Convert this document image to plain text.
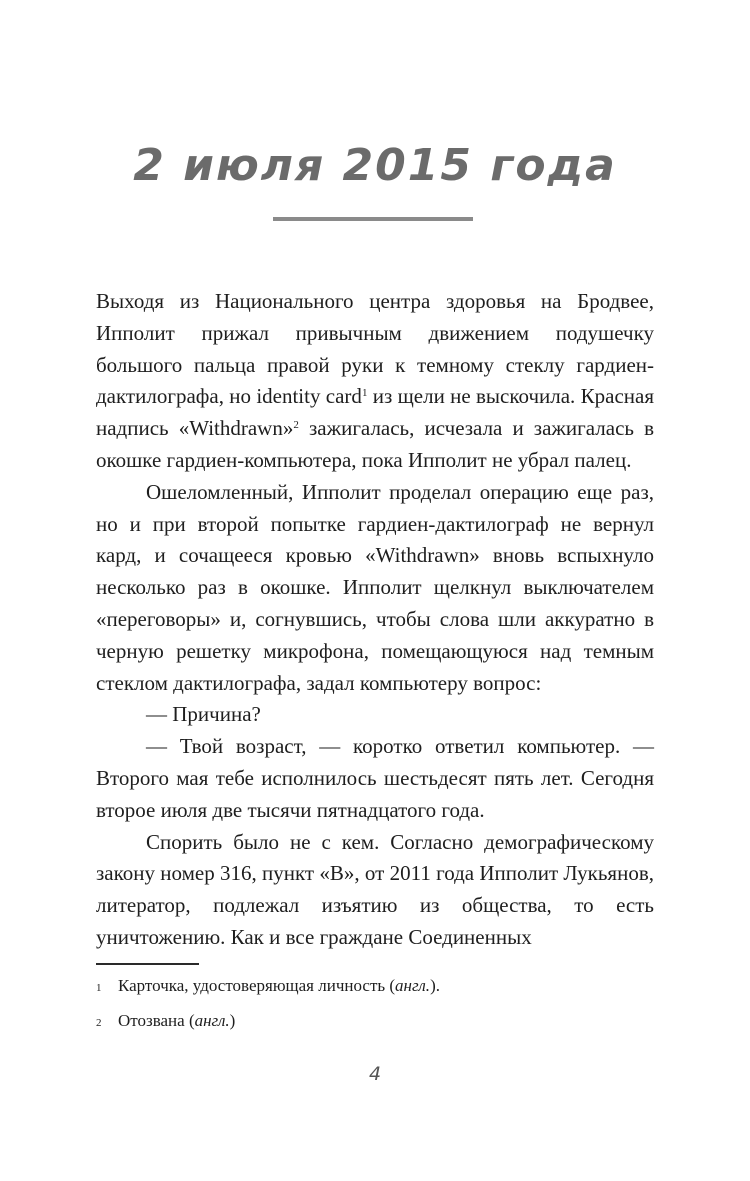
2 июля 2015 года

Выходя из Национального центра здоровья на Бродвее, Ипполит прижал привычным движением подушечку большого пальца правой руки к темному стеклу гардиен-дактилографа, но identity card$^1$ из щели не выскочила. Красная надпись «Withdrawn»$^2$ зажигалась, исчезала и зажигалась в окошке гардиен-компьютера, пока Ипполит не убрал палец.

Ошеломленный, Ипполит проделал операцию еще раз, но и при второй попытке гардиен-дактилограф не вернул кард, и сочащееся кровью «Withdrawn» вновь вспыхнуло несколько раз в окошке. Ипполит щелкнул выключателем «переговоры» и, согнувшись, чтобы слова шли аккуратно в черную решетку микрофона, помещающуюся над темным стеклом дактилографа, задал компьютеру вопрос:

— Причина?

— Твой возраст, — коротко ответил компьютер. — Второго мая тебе исполнилось шестьдесят пять лет. Сегодня второе июля две тысячи пятнадцатого года.

Спорить было не с кем. Согласно демографическому закону номер 316, пункт «В», от 2011 года Ипполит Лукьянов, литератор, подлежал изъятию из общества, то есть уничтожению. Как и все граждане Соединенных

1 Карточка, удостоверяющая личность (англ.).
2 Отозвана (англ.)
4
